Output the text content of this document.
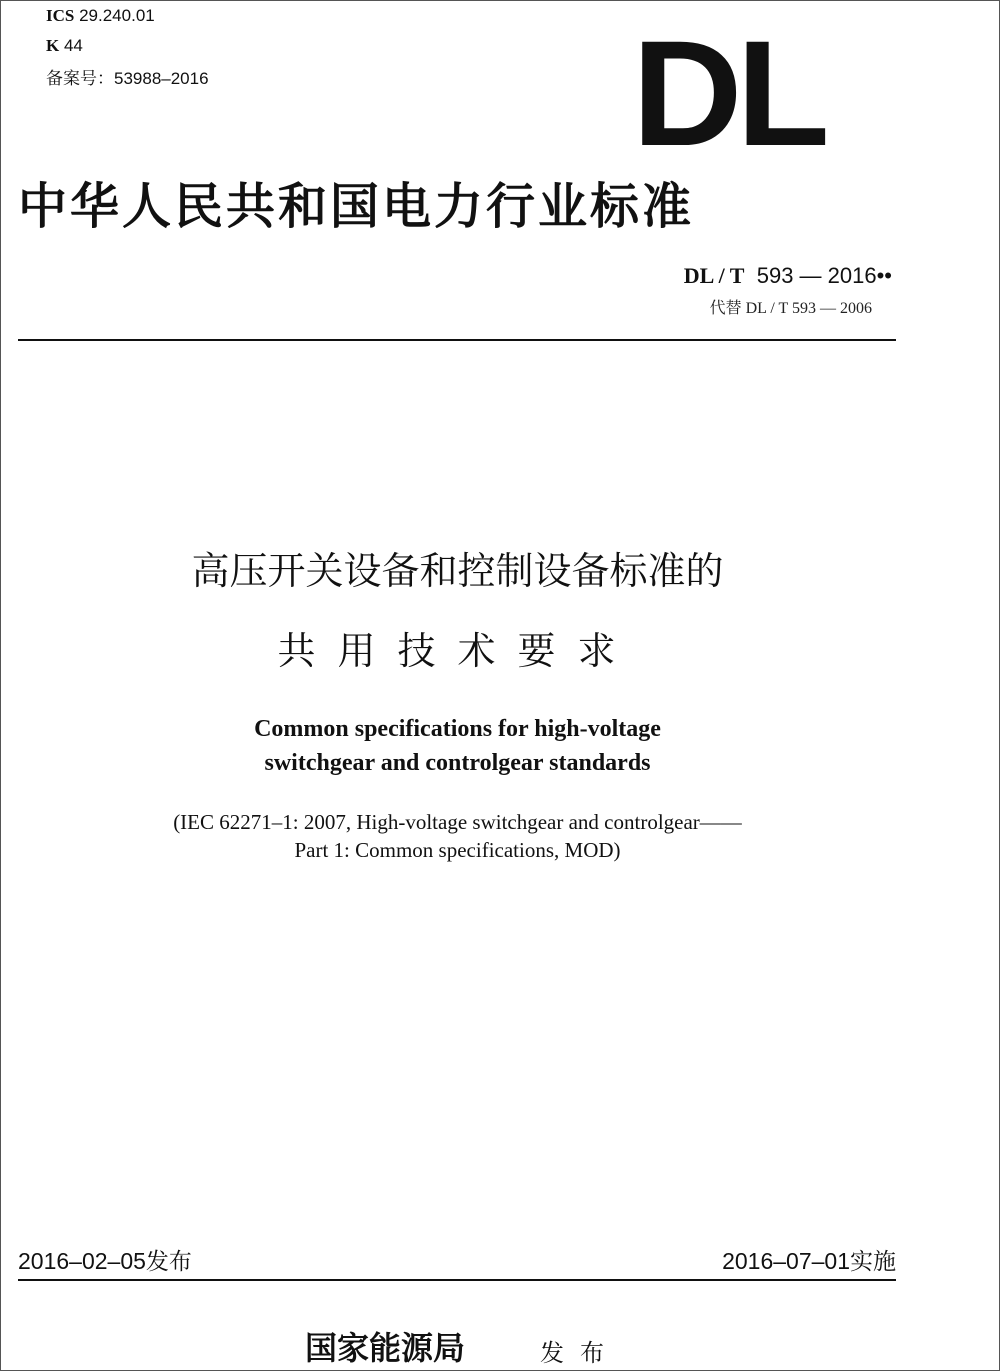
ICS 29.240.01
K 44
备案号：53988–2016	DL
中华人民共和国电力行业标准
DL / T 593 — 2016••
代替 DL / T 593 — 2006
高压开关设备和控制设备标准的
共用技术要求
Common specifications for high-voltage
switchgear and controlgear standards
(IEC 62271–1: 2007, High-voltage switchgear and controlgear——
Part 1: Common specifications, MOD)
2016–02–05发布	2016–07–01实施
国家能源局	发布
